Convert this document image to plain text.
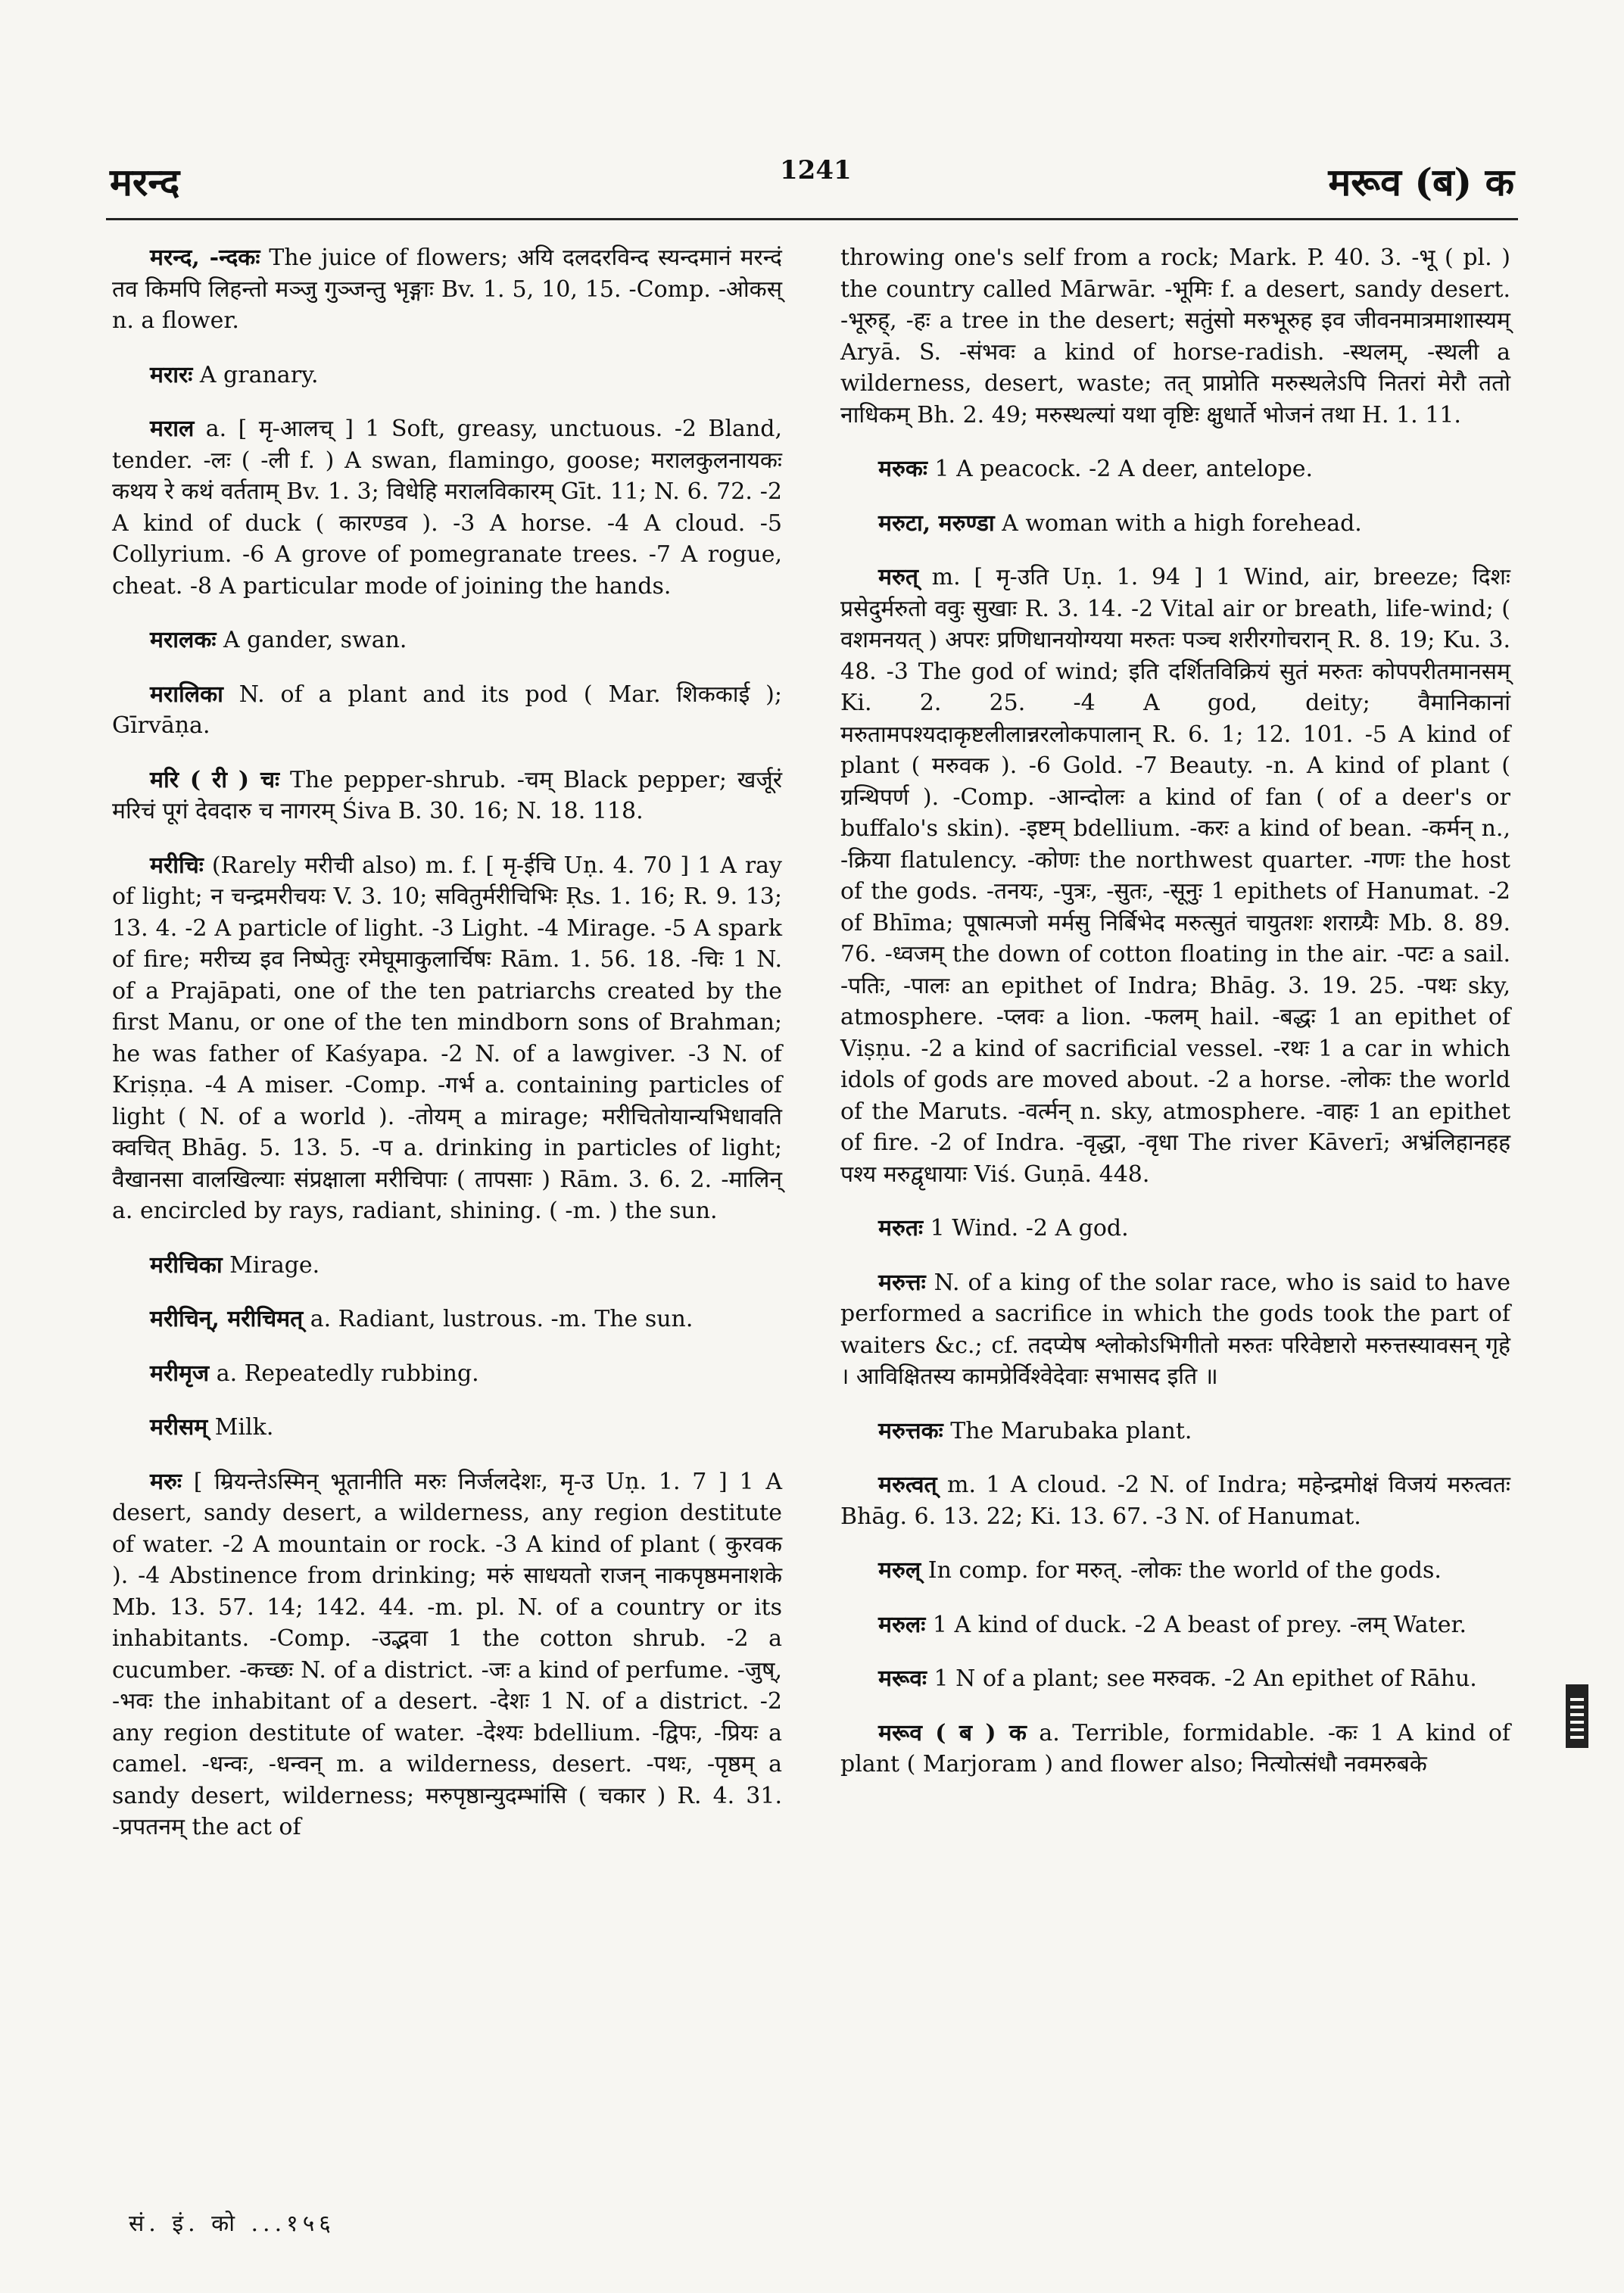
मरन्द	1241	मरूव (ब) क

मरन्द, -न्दकः The juice of flowers; अयि दलदरविन्द स्यन्दमानं मरन्दं तव किमपि लिहन्तो मञ्जु गुञ्जन्तु भृङ्गाः Bv. 1. 5, 10, 15. -Comp. -ओकस् n. a flower.

मरारः A granary.

मराल a. [ मृ-आलच् ] 1 Soft, greasy, unctuous. -2 Bland, tender. -लः ( -ली f. ) A swan, flamingo, goose; मरालकुलनायकः कथय रे कथं वर्तताम् Bv. 1. 3; विधेहि मरालविकारम् Gīt. 11; N. 6. 72. -2 A kind of duck ( कारण्डव ). -3 A horse. -4 A cloud. -5 Collyrium. -6 A grove of pomegranate trees. -7 A rogue, cheat. -8 A particular mode of joining the hands.

मरालकः A gander, swan.

मरालिका N. of a plant and its pod ( Mar. शिककाई ); Gīrvāṇa.

मरि ( री ) चः The pepper-shrub. -चम् Black pepper; खर्जूरं मरिचं पूगं देवदारु च नागरम् Śiva B. 30. 16; N. 18. 118.

मरीचिः (Rarely मरीची also) m. f. [ मृ-ईचि Uṇ. 4. 70 ] 1 A ray of light; न चन्द्रमरीचयः V. 3. 10; सवितुर्मरीचिभिः Ṛs. 1. 16; R. 9. 13; 13. 4. -2 A particle of light. -3 Light. -4 Mirage. -5 A spark of fire; मरीच्य इव निष्पेतुः रमेघूमाकुलार्चिषः Rām. 1. 56. 18. -चिः 1 N. of a Prajāpati, one of the ten patriarchs created by the first Manu, or one of the ten mindborn sons of Brahman; he was father of Kaśyapa. -2 N. of a lawgiver. -3 N. of Kriṣṇa. -4 A miser. -Comp. -गर्भ a. containing particles of light ( N. of a world ). -तोयम् a mirage; मरीचितोयान्यभिधावति क्वचित् Bhāg. 5. 13. 5. -प a. drinking in particles of light; वैखानसा वालखिल्याः संप्रक्षाला मरीचिपाः ( तापसाः ) Rām. 3. 6. 2. -मालिन् a. encircled by rays, radiant, shining. ( -m. ) the sun.

मरीचिका Mirage.

मरीचिन्, मरीचिमत् a. Radiant, lustrous. -m. The sun.

मरीमृज a. Repeatedly rubbing.

मरीसम् Milk.

मरुः [ म्रियन्तेऽस्मिन् भूतानीति मरुः निर्जलदेशः, मृ-उ Uṇ. 1. 7 ] 1 A desert, sandy desert, a wilderness, any region destitute of water. -2 A mountain or rock. -3 A kind of plant ( कुरवक ). -4 Abstinence from drinking; मरुं साधयतो राजन् नाकपृष्ठमनाशके Mb. 13. 57. 14; 142. 44. -m. pl. N. of a country or its inhabitants. -Comp. -उद्भवा 1 the cotton shrub. -2 a cucumber. -कच्छः N. of a district. -जः a kind of perfume. -जुष्, -भवः the inhabitant of a desert. -देशः 1 N. of a district. -2 any region destitute of water. -देश्यः bdellium. -द्विपः, -प्रियः a camel. -धन्वः, -धन्वन् m. a wilderness, desert. -पथः, -पृष्ठम् a sandy desert, wilderness; मरुपृष्ठान्युदम्भांसि ( चकार ) R. 4. 31. -प्रपतनम् the act of

throwing one's self from a rock; Mark. P. 40. 3. -भू ( pl. ) the country called Mārwār. -भूमिः f. a desert, sandy desert. -भूरुह्, -हः a tree in the desert; सतुंसो मरुभूरुह इव जीवनमात्रमाशास्यम् Aryā. S. -संभवः a kind of horse-radish. -स्थलम्, -स्थली a wilderness, desert, waste; तत् प्राप्नोति मरुस्थलेऽपि नितरां मेरौ ततो नाधिकम् Bh. 2. 49; मरुस्थल्यां यथा वृष्टिः क्षुधार्ते भोजनं तथा H. 1. 11.

मरुकः 1 A peacock. -2 A deer, antelope.

मरुटा, मरुण्डा A woman with a high forehead.

मरुत् m. [ मृ-उति Uṇ. 1. 94 ] 1 Wind, air, breeze; दिशः प्रसेदुर्मरुतो ववुः सुखाः R. 3. 14. -2 Vital air or breath, life-wind; ( वशमनयत् ) अपरः प्रणिधानयोग्यया मरुतः पञ्च शरीरगोचरान् R. 8. 19; Ku. 3. 48. -3 The god of wind; इति दर्शितविक्रियं सुतं मरुतः कोपपरीतमानसम् Ki. 2. 25. -4 A god, deity; वैमानिकानां मरुतामपश्यदाकृष्टलीलान्नरलोकपालान् R. 6. 1; 12. 101. -5 A kind of plant ( मरुवक ). -6 Gold. -7 Beauty. -n. A kind of plant ( ग्रन्थिपर्ण ). -Comp. -आन्दोलः a kind of fan ( of a deer's or buffalo's skin). -इष्टम् bdellium. -करः a kind of bean. -कर्मन् n., -क्रिया flatulency. -कोणः the northwest quarter. -गणः the host of the gods. -तनयः, -पुत्रः, -सुतः, -सूनुः 1 epithets of Hanumat. -2 of Bhīma; पूषात्मजो मर्मसु निर्बिभेद मरुत्सुतं चायुतशः शराग्र्यैः Mb. 8. 89. 76. -ध्वजम् the down of cotton floating in the air. -पटः a sail. -पतिः, -पालः an epithet of Indra; Bhāg. 3. 19. 25. -पथः sky, atmosphere. -प्लवः a lion. -फलम् hail. -बद्धः 1 an epithet of Viṣṇu. -2 a kind of sacrificial vessel. -रथः 1 a car in which idols of gods are moved about. -2 a horse. -लोकः the world of the Maruts. -वर्त्मन् n. sky, atmosphere. -वाहः 1 an epithet of fire. -2 of Indra. -वृद्धा, -वृधा The river Kāverī; अभ्रंलिहानहह पश्य मरुद्वृधायाः Viś. Guṇā. 448.

मरुतः 1 Wind. -2 A god.

मरुत्तः N. of a king of the solar race, who is said to have performed a sacrifice in which the gods took the part of waiters &c.; cf. तदप्येष श्लोकोऽभिगीतो मरुतः परिवेष्टारो मरुत्तस्यावसन् गृहे । आविक्षितस्य कामप्रेर्विश्वेदेवाः सभासद इति ॥

मरुत्तकः The Marubaka plant.

मरुत्वत् m. 1 A cloud. -2 N. of Indra; महेन्द्रमोक्षं विजयं मरुत्वतः Bhāg. 6. 13. 22; Ki. 13. 67. -3 N. of Hanumat.

मरुल् In comp. for मरुत्. -लोकः the world of the gods.

मरुलः 1 A kind of duck. -2 A beast of prey. -लम् Water.

मरूवः 1 N of a plant; see मरुवक. -2 An epithet of Rāhu.

मरूव ( ब ) क a. Terrible, formidable. -कः 1 A kind of plant ( Marjoram ) and flower also; नित्योत्संधौ नवमरुबके

सं. इं. को ...१५६
